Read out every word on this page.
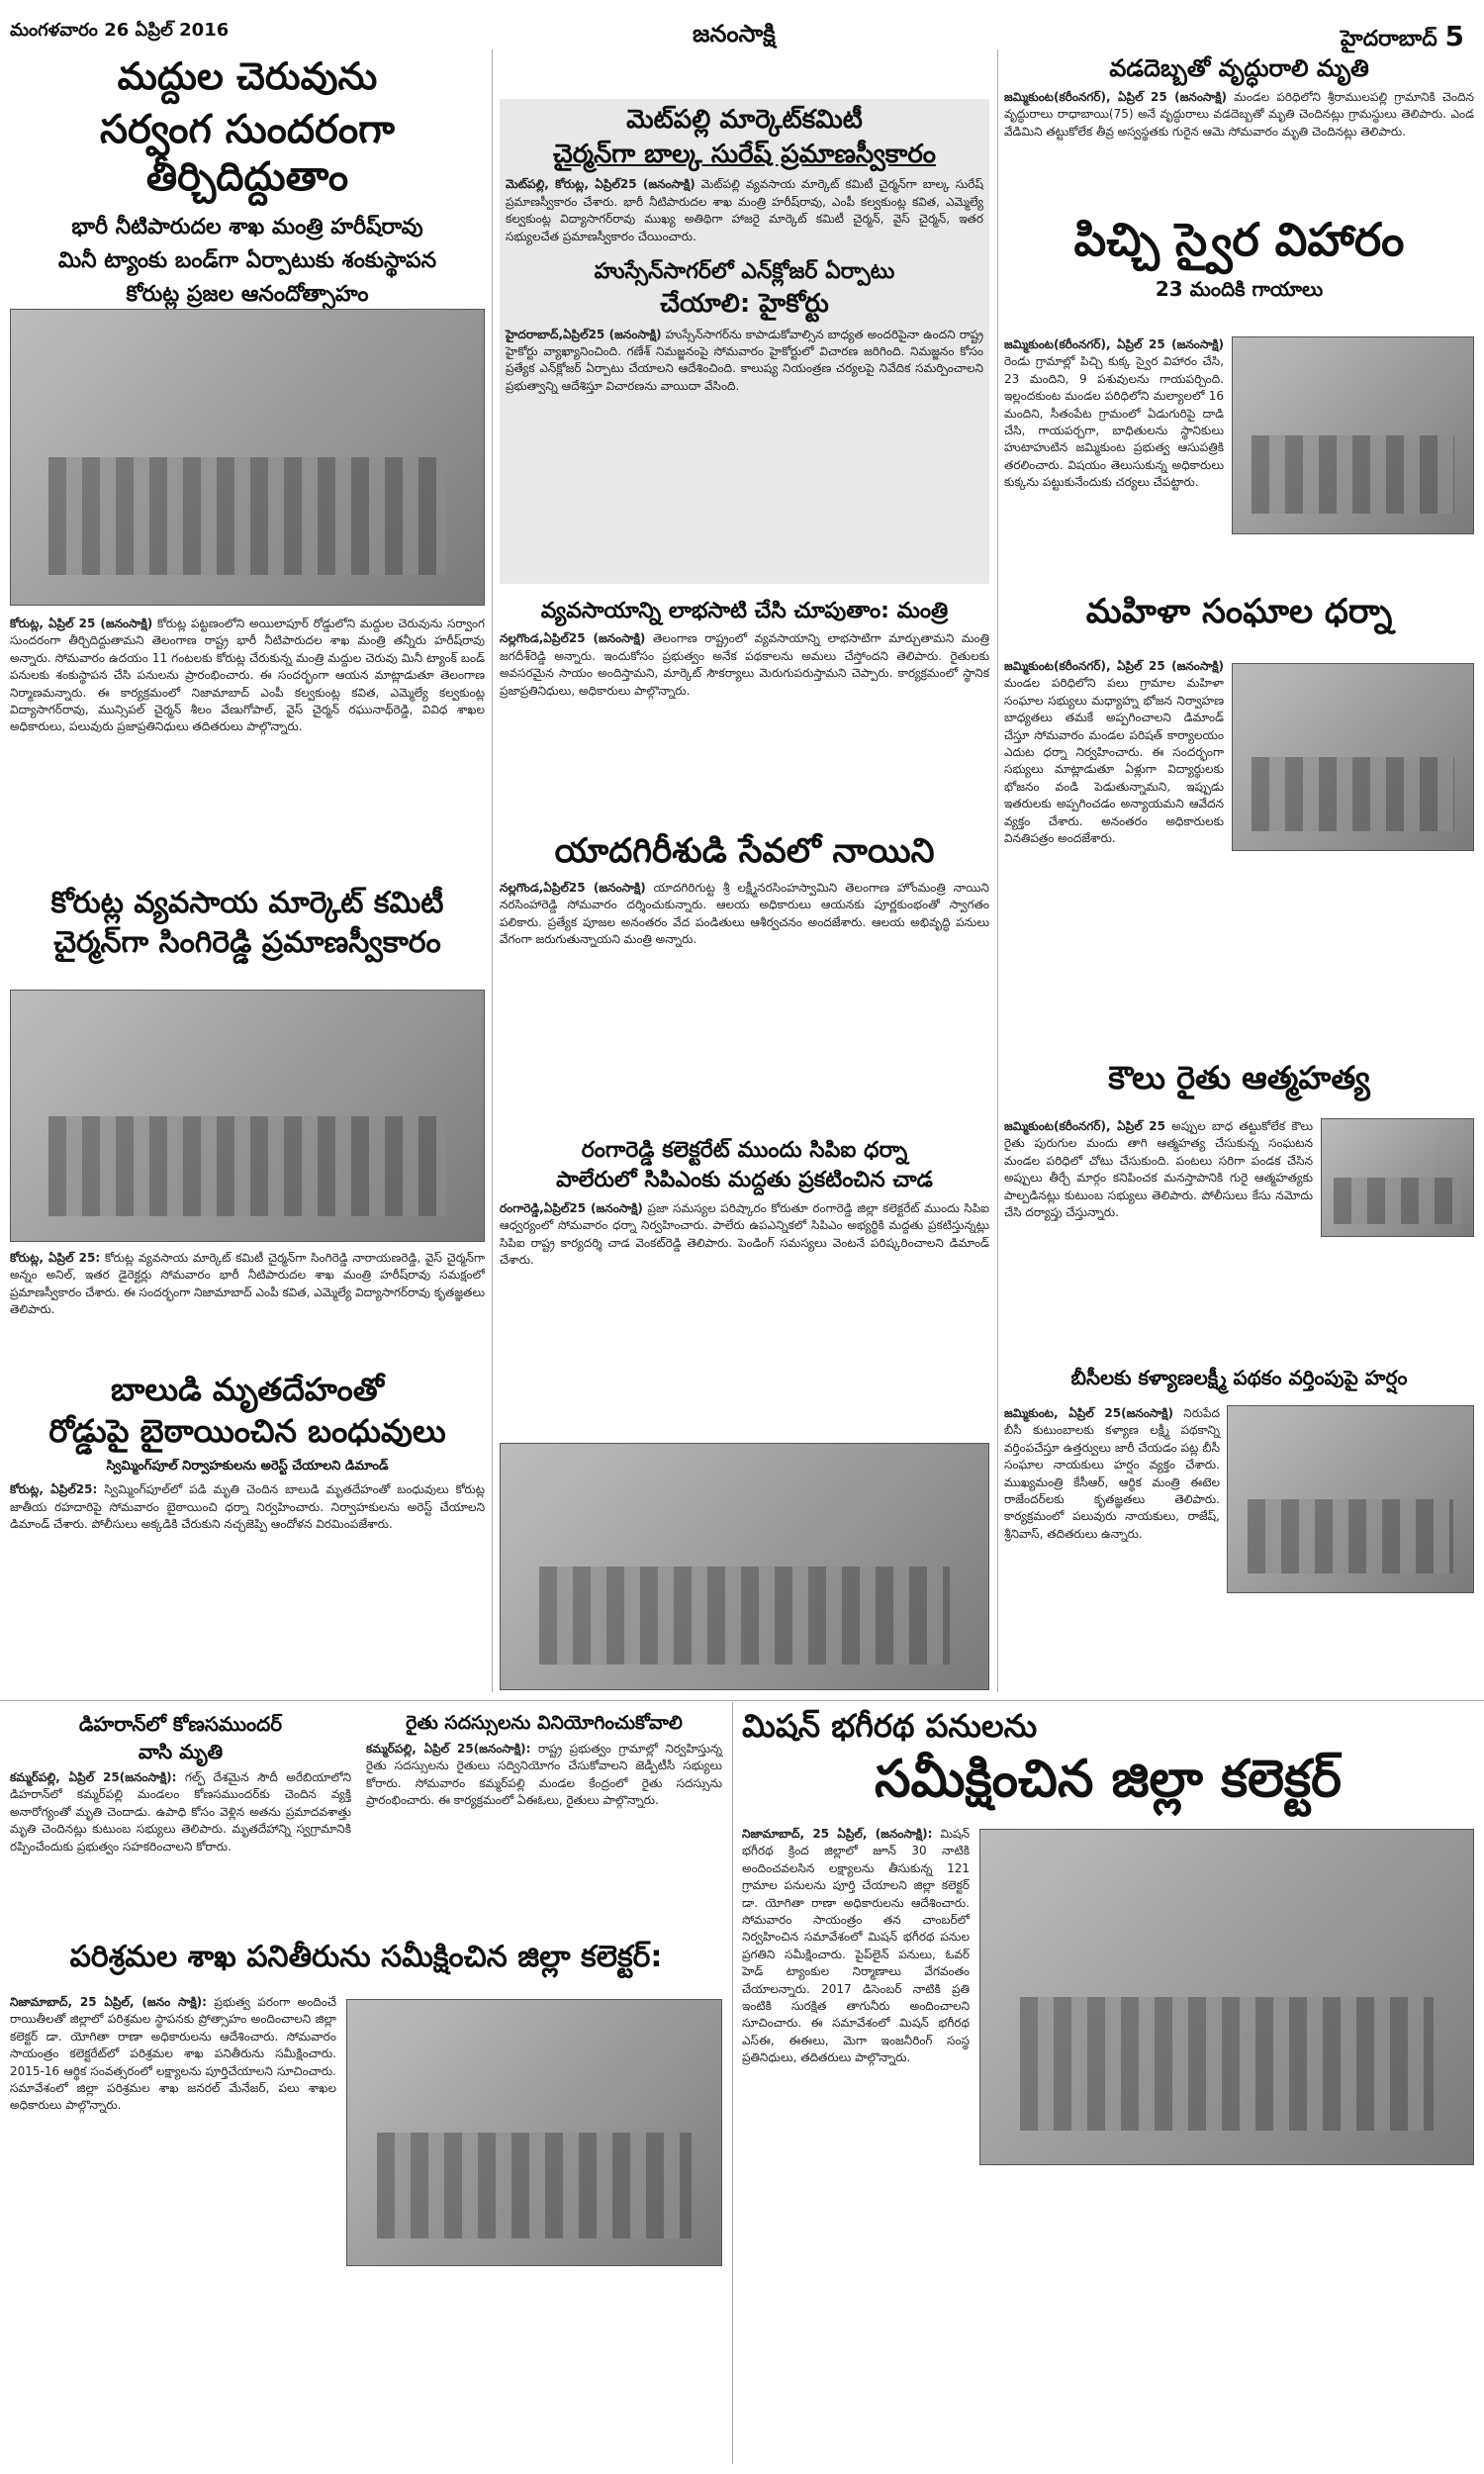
మంగళవారం 26 ఏప్రిల్ 2016	జనంసాక్షి	హైదరాబాద్ 5
మద్దుల చెరువును
సర్వంగ సుందరంగా తీర్చిదిద్దుతాం
భారీ నీటిపారుదల శాఖ మంత్రి హరీష్‌రావు
మినీ ట్యాంకు బండ్‌గా ఏర్పాటుకు శంకుస్థాపన
కోరుట్ల ప్రజల ఆనందోత్సాహం
కోరుట్ల, ఏప్రిల్ 25 (జనంసాక్షి) కోరుట్ల పట్టణంలోని అయిలాపూర్ రోడ్డులోని మద్దుల చెరువును సర్వాంగ సుందరంగా తీర్చిదిద్దుతామని తెలంగాణ రాష్ట్ర భారీ నీటిపారుదల శాఖ మంత్రి తన్నీరు హరీష్‌రావు అన్నారు. సోమవారం ఉదయం 11 గంటలకు కోరుట్ల చేరుకున్న మంత్రి మద్దుల చెరువు మినీ ట్యాంక్ బండ్ పనులకు శంకుస్థాపన చేసి పనులను ప్రారంభించారు. ఈ సందర్భంగా ఆయన మాట్లాడుతూ తెలంగాణ నిర్మాణమన్నారు. ఈ కార్యక్రమంలో నిజామాబాద్ ఎంపీ కల్వకుంట్ల కవిత, ఎమ్మెల్యే కల్వకుంట్ల విద్యాసాగర్‌రావు, మున్సిపల్ చైర్మన్ శీలం వేణుగోపాల్, వైస్ చైర్మన్ రఘునాథ్‌రెడ్డి, వివిధ శాఖల అధికారులు, పలువురు ప్రజాప్రతినిధులు తదితరులు పాల్గొన్నారు.
కోరుట్ల వ్యవసాయ మార్కెట్ కమిటీ
చైర్మన్‌గా సింగిరెడ్డి ప్రమాణస్వీకారం
కోరుట్ల, ఏప్రిల్ 25: కోరుట్ల వ్యవసాయ మార్కెట్ కమిటీ చైర్మన్‌గా సింగిరెడ్డి నారాయణరెడ్డి, వైస్ చైర్మన్‌గా అన్నం అనిల్, ఇతర డైరెక్టర్లు సోమవారం భారీ నీటిపారుదల శాఖ మంత్రి హరీష్‌రావు సమక్షంలో ప్రమాణస్వీకారం చేశారు. ఈ సందర్భంగా నిజామాబాద్ ఎంపీ కవిత, ఎమ్మెల్యే విద్యాసాగర్‌రావు కృతజ్ఞతలు తెలిపారు.
బాలుడి మృతదేహంతో
రోడ్డుపై బైఠాయించిన బంధువులు
స్విమ్మింగ్‌పూల్ నిర్వాహకులను అరెస్ట్ చేయాలని డిమాండ్
కోరుట్ల, ఏప్రిల్25: స్విమ్మింగ్‌పూల్‌లో పడి మృతి చెందిన బాలుడి మృతదేహంతో బంధువులు కోరుట్ల జాతీయ రహదారిపై సోమవారం బైఠాయించి ధర్నా నిర్వహించారు. నిర్వాహకులను అరెస్ట్ చేయాలని డిమాండ్ చేశారు. పోలీసులు అక్కడికి చేరుకుని నచ్చజెప్పి ఆందోళన విరమింపజేశారు.
మెట్‌పల్లి మార్కెట్‌కమిటీ
చైర్మన్‌గా బాల్క సురేష్ ప్రమాణస్వీకారం
మెట్‌పల్లి, కోరుట్ల, ఏప్రిల్25 (జనంసాక్షి) మెట్‌పల్లి వ్యవసాయ మార్కెట్ కమిటీ చైర్మన్‌గా బాల్క సురేష్ ప్రమాణస్వీకారం చేశారు. భారీ నీటిపారుదల శాఖ మంత్రి హరీష్‌రావు, ఎంపీ కల్వకుంట్ల కవిత, ఎమ్మెల్యే కల్వకుంట్ల విద్యాసాగర్‌రావు ముఖ్య అతిథిగా హాజరై మార్కెట్ కమిటీ చైర్మన్, వైస్ చైర్మన్, ఇతర సభ్యులచేత ప్రమాణస్వీకారం చేయించారు.
హుస్సేన్‌సాగర్‌లో ఎన్‌క్లోజర్ ఏర్పాటు
చేయాలి: హైకోర్టు
హైదరాబాద్,ఏప్రిల్25 (జనంసాక్షి) హుస్సేన్‌సాగర్‌ను కాపాడుకోవాల్సిన బాధ్యత అందరిపైనా ఉందని రాష్ట్ర హైకోర్టు వ్యాఖ్యానించింది. గణేశ్ నిమజ్జనంపై సోమవారం హైకోర్టులో విచారణ జరిగింది. నిమజ్జనం కోసం ప్రత్యేక ఎన్‌క్లోజర్ ఏర్పాటు చేయాలని ఆదేశించింది. కాలుష్య నియంత్రణ చర్యలపై నివేదిక సమర్పించాలని ప్రభుత్వాన్ని ఆదేశిస్తూ విచారణను వాయిదా వేసింది.
వ్యవసాయాన్ని లాభసాటి చేసి చూపుతాం: మంత్రి
నల్లగొండ,ఏప్రిల్25 (జనంసాక్షి) తెలంగాణ రాష్ట్రంలో వ్యవసాయాన్ని లాభసాటిగా మార్చుతామని మంత్రి జగదీశ్‌రెడ్డి అన్నారు. ఇందుకోసం ప్రభుత్వం అనేక పథకాలను అమలు చేస్తోందని తెలిపారు. రైతులకు అవసరమైన సాయం అందిస్తామని, మార్కెట్ సౌకర్యాలు మెరుగుపరుస్తామని చెప్పారు. కార్యక్రమంలో స్థానిక ప్రజాప్రతినిధులు, అధికారులు పాల్గొన్నారు.
యాదగిరీశుడి సేవలో నాయిని
నల్లగొండ,ఏప్రిల్25 (జనంసాక్షి) యాదగిరిగుట్ట శ్రీ లక్ష్మీనరసింహస్వామిని తెలంగాణ హోంమంత్రి నాయిని నరసింహారెడ్డి సోమవారం దర్శించుకున్నారు. ఆలయ అధికారులు ఆయనకు పూర్ణకుంభంతో స్వాగతం పలికారు. ప్రత్యేక పూజల అనంతరం వేద పండితులు ఆశీర్వచనం అందజేశారు. ఆలయ అభివృద్ధి పనులు వేగంగా జరుగుతున్నాయని మంత్రి అన్నారు.
రంగారెడ్డి కలెక్టరేట్ ముందు సిపిఐ ధర్నా
పాలేరులో సిపిఎంకు మద్దతు ప్రకటించిన చాడ
రంగారెడ్డి,ఏప్రిల్25 (జనంసాక్షి) ప్రజా సమస్యల పరిష్కారం కోరుతూ రంగారెడ్డి జిల్లా కలెక్టరేట్ ముందు సిపిఐ ఆధ్వర్యంలో సోమవారం ధర్నా నిర్వహించారు. పాలేరు ఉపఎన్నికలో సిపిఎం అభ్యర్థికి మద్దతు ప్రకటిస్తున్నట్లు సిపిఐ రాష్ట్ర కార్యదర్శి చాడ వెంకట్‌రెడ్డి తెలిపారు. పెండింగ్ సమస్యలు వెంటనే పరిష్కరించాలని డిమాండ్ చేశారు.
వడదెబ్బతో వృద్ధురాలి మృతి
జమ్మికుంట(కరీంనగర్), ఏప్రిల్ 25 (జనంసాక్షి) మండల పరిధిలోని శ్రీరాములపల్లి గ్రామానికి చెందిన వృద్ధురాలు రాధాబాయి(75) అనే వృద్ధురాలు వడదెబ్బతో మృతి చెందినట్లు గ్రామస్థులు తెలిపారు. ఎండ వేడిమిని తట్టుకోలేక తీవ్ర అస్వస్థతకు గురైన ఆమె సోమవారం మృతి చెందినట్లు తెలిపారు.
పిచ్చి స్వైర విహారం
23 మందికి గాయాలు
జమ్మికుంట(కరీంనగర్), ఏప్రిల్ 25 (జనంసాక్షి) రెండు గ్రామాల్లో పిచ్చి కుక్క స్వైర విహారం చేసి, 23 మందిని, 9 పశువులను గాయపర్చింది. ఇల్లందకుంట మండల పరిధిలోని మల్యాలలో 16 మందిని, సీతంపేట గ్రామంలో ఏడుగురిపై దాడి చేసి, గాయపర్చగా, బాధితులను స్థానికులు హుటాహుటిన జమ్మికుంట ప్రభుత్వ ఆసుపత్రికి తరలించారు. విషయం తెలుసుకున్న అధికారులు కుక్కను పట్టుకునేందుకు చర్యలు చేపట్టారు.
మహిళా సంఘాల ధర్నా
జమ్మికుంట(కరీంనగర్), ఏప్రిల్ 25 (జనంసాక్షి) మండల పరిధిలోని పలు గ్రామాల మహిళా సంఘాల సభ్యులు మధ్యాహ్న భోజన నిర్వాహణ బాధ్యతలు తమకే అప్పగించాలని డిమాండ్ చేస్తూ సోమవారం మండల పరిషత్ కార్యాలయం ఎదుట ధర్నా నిర్వహించారు. ఈ సందర్భంగా సభ్యులు మాట్లాడుతూ ఏళ్లుగా విద్యార్థులకు భోజనం వండి పెడుతున్నామని, ఇప్పుడు ఇతరులకు అప్పగించడం అన్యాయమని ఆవేదన వ్యక్తం చేశారు. అనంతరం అధికారులకు వినతిపత్రం అందజేశారు.
కౌలు రైతు ఆత్మహత్య
జమ్మికుంట(కరీంనగర్), ఏప్రిల్ 25 అప్పుల బాధ తట్టుకోలేక కౌలు రైతు పురుగుల మందు తాగి ఆత్మహత్య చేసుకున్న సంఘటన మండల పరిధిలో చోటు చేసుకుంది. పంటలు సరిగా పండక చేసిన అప్పులు తీర్చే మార్గం కనిపించక మనస్తాపానికి గురై ఆత్మహత్యకు పాల్పడినట్లు కుటుంబ సభ్యులు తెలిపారు. పోలీసులు కేసు నమోదు చేసి దర్యాప్తు చేస్తున్నారు.
బీసీలకు కళ్యాణలక్ష్మీ పథకం వర్తింపుపై హర్షం
జమ్మికుంట, ఏప్రిల్ 25(జనంసాక్షి) నిరుపేద బీసీ కుటుంబాలకు కళ్యాణ లక్ష్మీ పథకాన్ని వర్తింపచేస్తూ ఉత్తర్వులు జారీ చేయడం పట్ల బీసీ సంఘాల నాయకులు హర్షం వ్యక్తం చేశారు. ముఖ్యమంత్రి కేసీఆర్, ఆర్థిక మంత్రి ఈటెల రాజేందర్‌లకు కృతజ్ఞతలు తెలిపారు. కార్యక్రమంలో పలువురు నాయకులు, రాజేష్, శ్రీనివాస్, తదితరులు ఉన్నారు.
డిహరాన్‌లో కోణసముందర్
వాసి మృతి
కమ్మర్‌పల్లి, ఏప్రిల్ 25(జనంసాక్షి): గల్ఫ్ దేశమైన సౌదీ అరేబియాలోని డిహరాన్‌లో కమ్మర్‌పల్లి మండలం కోణసముందర్‌కు చెందిన వ్యక్తి అనారోగ్యంతో మృతి చెందాడు. ఉపాధి కోసం వెళ్లిన అతను ప్రమాదవశాత్తు మృతి చెందినట్లు కుటుంబ సభ్యులు తెలిపారు. మృతదేహాన్ని స్వగ్రామానికి రప్పించేందుకు ప్రభుత్వం సహకరించాలని కోరారు.
రైతు సదస్సులను వినియోగించుకోవాలి
కమ్మర్‌పల్లి, ఏప్రిల్ 25(జనంసాక్షి): రాష్ట్ర ప్రభుత్వం గ్రామాల్లో నిర్వహిస్తున్న రైతు సదస్సులను రైతులు సద్వినియోగం చేసుకోవాలని జెడ్పీటీసీ సభ్యులు కోరారు. సోమవారం కమ్మర్‌పల్లి మండల కేంద్రంలో రైతు సదస్సును ప్రారంభించారు. ఈ కార్యక్రమంలో ఏఈఓలు, రైతులు పాల్గొన్నారు.
పరిశ్రమల శాఖ పనితీరును సమీక్షించిన జిల్లా కలెక్టర్:
నిజామాబాద్, 25 ఏప్రిల్, (జనం సాక్షి): ప్రభుత్వ పరంగా అందించే రాయితీలతో జిల్లాలో పరిశ్రమల స్థాపనకు ప్రోత్సాహం అందించాలని జిల్లా కలెక్టర్ డా. యోగితా రాణా అధికారులను ఆదేశించారు. సోమవారం సాయంత్రం కలెక్టరేట్‌లో పరిశ్రమల శాఖ పనితీరును సమీక్షించారు. 2015-16 ఆర్థిక సంవత్సరంలో లక్ష్యాలను పూర్తిచేయాలని సూచించారు. సమావేశంలో జిల్లా పరిశ్రమల శాఖ జనరల్ మేనేజర్, పలు శాఖల అధికారులు పాల్గొన్నారు.
మిషన్ భగీరథ పనులను
సమీక్షించిన జిల్లా కలెక్టర్
నిజామాబాద్, 25 ఏప్రిల్, (జనంసాక్షి): మిషన్ భగీరథ క్రింద జిల్లాలో జూన్ 30 నాటికి అందించవలసిన లక్ష్యాలను తీసుకున్న 121 గ్రామాల పనులను పూర్తి చేయాలని జిల్లా కలెక్టర్ డా. యోగితా రాణా అధికారులను ఆదేశించారు. సోమవారం సాయంత్రం తన చాంబర్‌లో నిర్వహించిన సమావేశంలో మిషన్ భగీరథ పనుల ప్రగతిని సమీక్షించారు. పైప్‌లైన్ పనులు, ఓవర్ హెడ్ ట్యాంకుల నిర్మాణాలు వేగవంతం చేయాలన్నారు. 2017 డిసెంబర్ నాటికి ప్రతి ఇంటికి సురక్షిత తాగునీరు అందించాలని సూచించారు. ఈ సమావేశంలో మిషన్ భగీరథ ఎస్‌ఈ, ఈఈలు, మెగా ఇంజనీరింగ్ సంస్థ ప్రతినిధులు, తదితరులు పాల్గొన్నారు.
